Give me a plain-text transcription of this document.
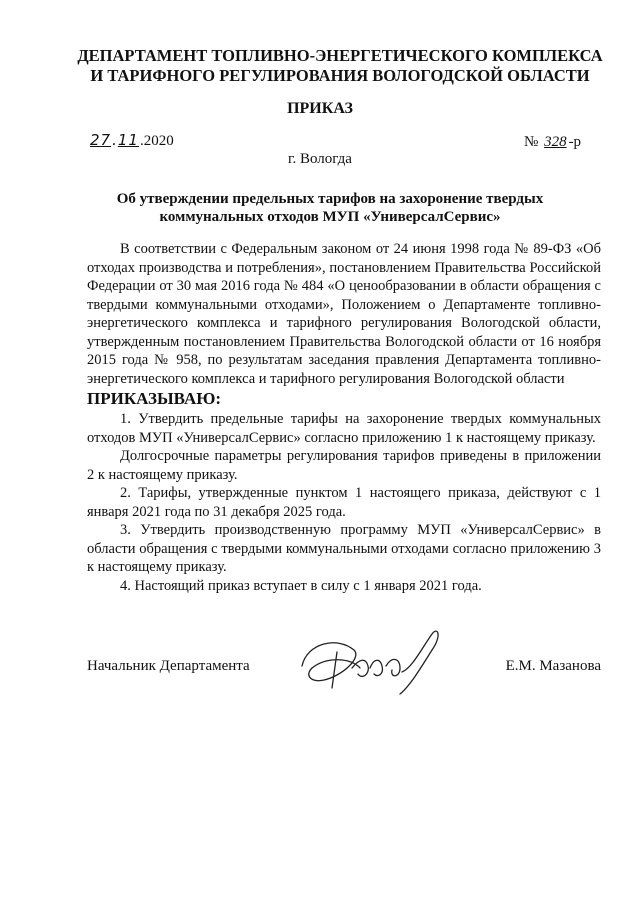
ДЕПАРТАМЕНТ ТОПЛИВНО-ЭНЕРГЕТИЧЕСКОГО КОМПЛЕКСА
И ТАРИФНОГО РЕГУЛИРОВАНИЯ ВОЛОГОДСКОЙ ОБЛАСТИ
ПРИКАЗ
27.11.2020	№ 328 -р
г. Вологда
Об утверждении предельных тарифов на захоронение твердых
коммунальных отходов МУП «УниверсалСервис»

В соответствии с Федеральным законом от 24 июня 1998 года № 89-ФЗ «Об отходах производства и потребления», постановлением Правительства Российской Федерации от 30 мая 2016 года № 484 «О ценообразовании в области обращения с твердыми коммунальными отходами», Положением о Департаменте топливно-энергетического комплекса и тарифного регулирования Вологодской области, утвержденным постановлением Правительства Вологодской области от 16 ноября 2015 года № 958, по результатам заседания правления Департамента топливно-энергетического комплекса и тарифного регулирования Вологодской области

ПРИКАЗЫВАЮ:

1. Утвердить предельные тарифы на захоронение твердых коммунальных отходов МУП «УниверсалСервис» согласно приложению 1 к настоящему приказу.

Долгосрочные параметры регулирования тарифов приведены в приложении 2 к настоящему приказу.

2. Тарифы, утвержденные пунктом 1 настоящего приказа, действуют с 1 января 2021 года по 31 декабря 2025 года.

3. Утвердить производственную программу МУП «УниверсалСервис» в области обращения с твердыми коммунальными отходами согласно приложению 3 к настоящему приказу.

4. Настоящий приказ вступает в силу с 1 января 2021 года.

Начальник Департамента	Е.М. Мазанова
